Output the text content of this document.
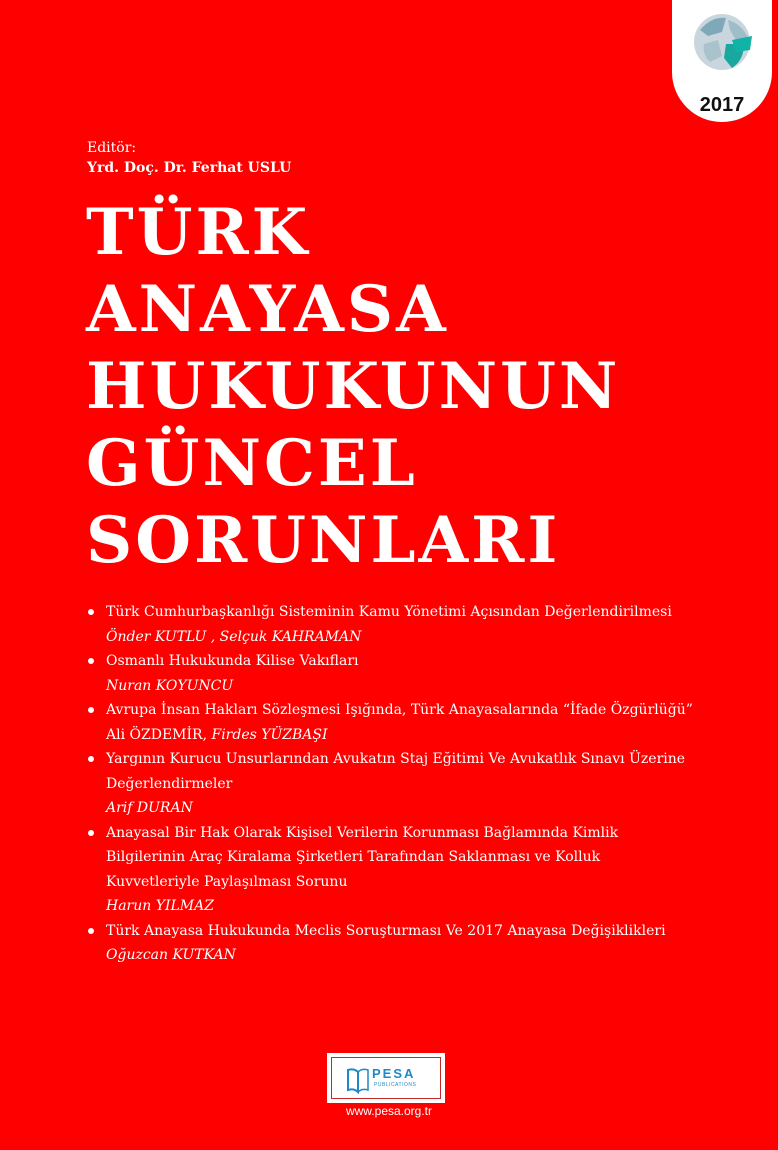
2017
Editör:
Yrd. Doç. Dr. Ferhat USLU
TÜRK
ANAYASA
HUKUKUNUN
GÜNCEL
SORUNLARI
Türk Cumhurbaşkanlığı Sisteminin Kamu Yönetimi Açısından Değerlendirilmesi
Önder KUTLU , Selçuk KAHRAMAN
Osmanlı Hukukunda Kilise Vakıfları
Nuran KOYUNCU
Avrupa İnsan Hakları Sözleşmesi Işığında, Türk Anayasalarında “İfade Özgürlüğü”
Ali ÖZDEMİR, Firdes YÜZBAŞI
Yargının Kurucu Unsurlarından Avukatın Staj Eğitimi Ve Avukatlık Sınavı Üzerine
Değerlendirmeler
Arif DURAN
Anayasal Bir Hak Olarak Kişisel Verilerin Korunması Bağlamında Kimlik
Bilgilerinin Araç Kiralama Şirketleri Tarafından Saklanması ve Kolluk
Kuvvetleriyle Paylaşılması Sorunu
Harun YILMAZ
Türk Anayasa Hukukunda Meclis Soruşturması Ve 2017 Anayasa Değişiklikleri
Oğuzcan KUTKAN
PESA
PUBLICATIONS
www.pesa.org.tr
